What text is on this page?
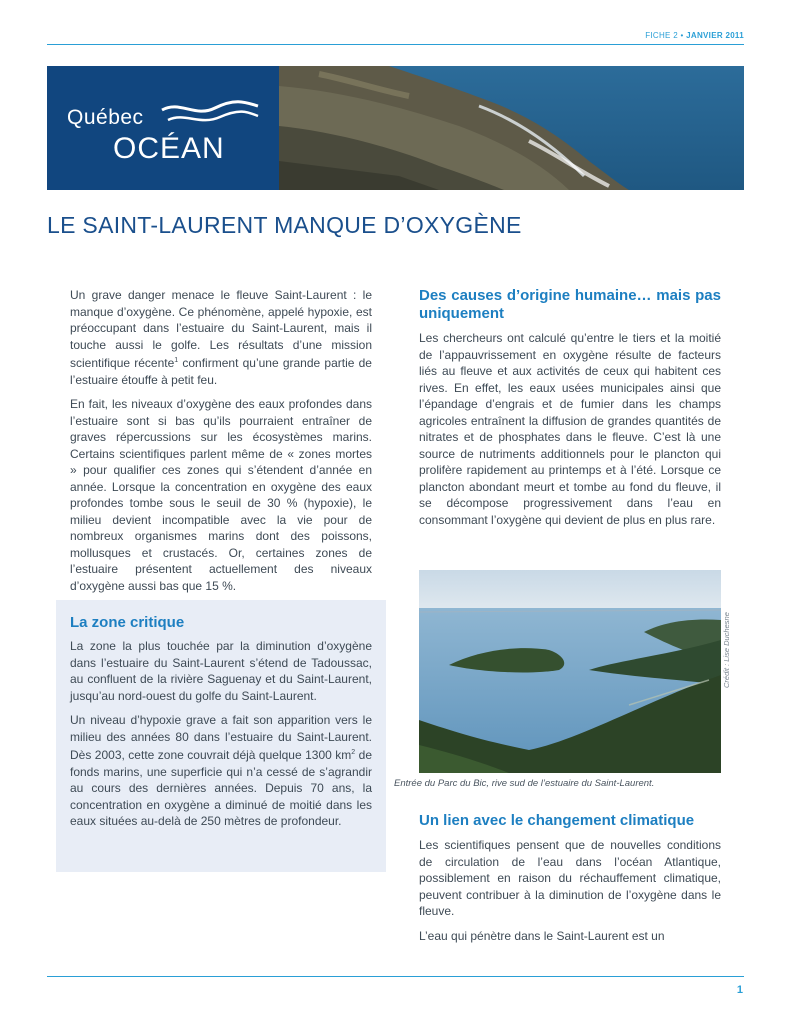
FICHE 2 • JANVIER 2011
Québec
OCÉAN
LE SAINT-LAURENT MANQUE D’OXYGÈNE

Un grave danger menace le fleuve Saint-Laurent : le manque d’oxygène. Ce phénomène, appelé hypoxie, est préoccupant dans l’estuaire du Saint-Laurent, mais il touche aussi le golfe. Les résultats d’une mission scientifique récente$^1$ confirment qu’une grande partie de l’estuaire étouffe à petit feu.

En fait, les niveaux d’oxygène des eaux profondes dans l’estuaire sont si bas qu’ils pourraient entraîner de graves répercussions sur les écosystèmes marins. Certains scientifiques parlent même de « zones mortes » pour qualifier ces zones qui s’étendent d’année en année. Lorsque la concentration en oxygène des eaux profondes tombe sous le seuil de 30 % (hypoxie), le milieu devient incompatible avec la vie pour de nombreux organismes marins dont des poissons, mollusques et crustacés. Or, certaines zones de l’estuaire présentent actuellement des niveaux d’oxygène aussi bas que 15 %.

La zone critique

La zone la plus touchée par la diminution d’oxygène dans l’estuaire du Saint-Laurent s’étend de Tadoussac, au confluent de la rivière Saguenay et du Saint-Laurent, jusqu’au nord-ouest du golfe du Saint-Laurent.

Un niveau d’hypoxie grave a fait son apparition vers le milieu des années 80 dans l’estuaire du Saint-Laurent. Dès 2003, cette zone couvrait déjà quelque 1300 $km^2$ de fonds marins, une superficie qui n’a cessé de s’agrandir au cours des dernières années. Depuis 70 ans, la concentration en oxygène a diminué de moitié dans les eaux situées au-delà de 250 mètres de profondeur.

Des causes d’origine humaine… mais pas uniquement

Les chercheurs ont calculé qu’entre le tiers et la moitié de l’appauvrissement en oxygène résulte de facteurs liés au fleuve et aux activités de ceux qui habitent ces rives. En effet, les eaux usées municipales ainsi que l’épandage d’engrais et de fumier dans les champs agricoles entraînent la diffusion de grandes quantités de nitrates et de phosphates dans le fleuve. C’est là une source de nutriments additionnels pour le plancton qui prolifère rapidement au printemps et à l’été. Lorsque ce plancton abondant meurt et tombe au fond du fleuve, il se décompose progressivement dans l’eau en consommant l’oxygène qui devient de plus en plus rare.

Crédit : Lise Duchesne
Entrée du Parc du Bic, rive sud de l’estuaire du Saint-Laurent.
Un lien avec le changement climatique

Les scientifiques pensent que de nouvelles conditions de circulation de l’eau dans l’océan Atlantique, possiblement en raison du réchauffement climatique, peuvent contribuer à la diminution de l’oxygène dans le fleuve.

L’eau qui pénètre dans le Saint-Laurent est un

1
